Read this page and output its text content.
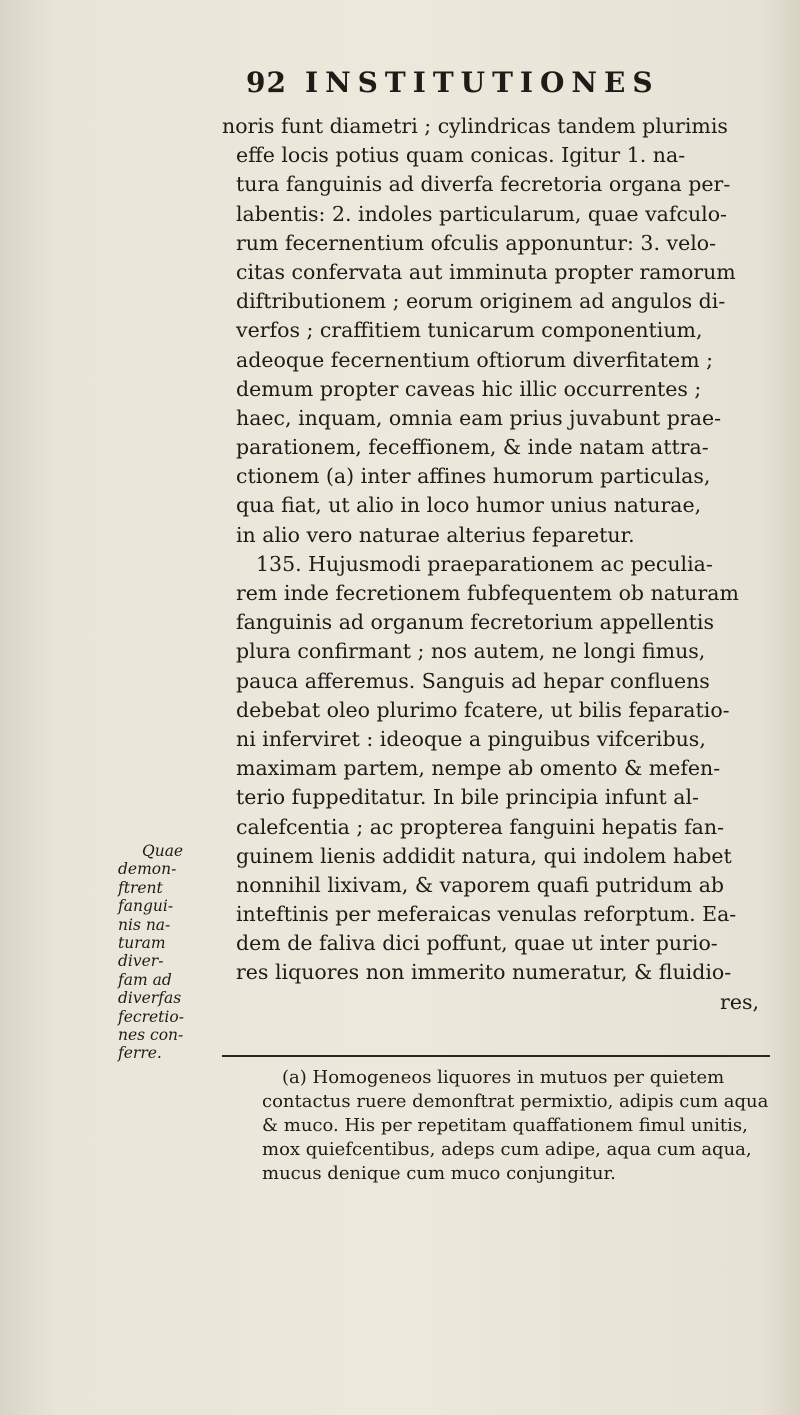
92 INSTITUTIONES
noris funt diametri ; cylindricas tandem plurimis
effe locis potius quam conicas. Igitur 1. na-
tura fanguinis ad diverfa fecretoria organa per-
labentis: 2. indoles particularum, quae vafculo-
rum fecernentium ofculis apponuntur: 3. velo-
citas confervata aut imminuta propter ramorum
diftributionem ; eorum originem ad angulos di-
verfos ; craffitiem tunicarum componentium,
adeoque fecernentium oftiorum diverfitatem ;
demum propter caveas hic illic occurrentes ;
haec, inquam, omnia eam prius juvabunt prae-
parationem, feceffionem, & inde natam attra-
ctionem (a) inter affines humorum particulas,
qua fiat, ut alio in loco humor unius naturae,
in alio vero naturae alterius feparetur.
135. Hujusmodi praeparationem ac peculia-
rem inde fecretionem fubfequentem ob naturam
fanguinis ad organum fecretorium appellentis
plura confirmant ; nos autem, ne longi fimus,
pauca afferemus. Sanguis ad hepar confluens
debebat oleo plurimo fcatere, ut bilis feparatio-
ni inferviret : ideoque a pinguibus vifceribus,
maximam partem, nempe ab omento & mefen-
terio fuppeditatur. In bile principia infunt al-
calefcentia ; ac propterea fanguini hepatis fan-
guinem lienis addidit natura, qui indolem habet
nonnihil lixivam, & vaporem quafi putridum ab
inteftinis per meferaicas venulas reforptum. Ea-
dem de faliva dici poffunt, quae ut inter purio-
res liquores non immerito numeratur, & fluidio-
res,
Quae
demon-
ftrent
fangui-
nis na-
turam
diver-
fam ad
diverfas
fecretio-
nes con-
ferre.
(a) Homogeneos liquores in mutuos per quietem
contactus ruere demonftrat permixtio, adipis cum aqua
& muco. His per repetitam quaffationem fimul unitis,
mox quiefcentibus, adeps cum adipe, aqua cum aqua,
mucus denique cum muco conjungitur.
